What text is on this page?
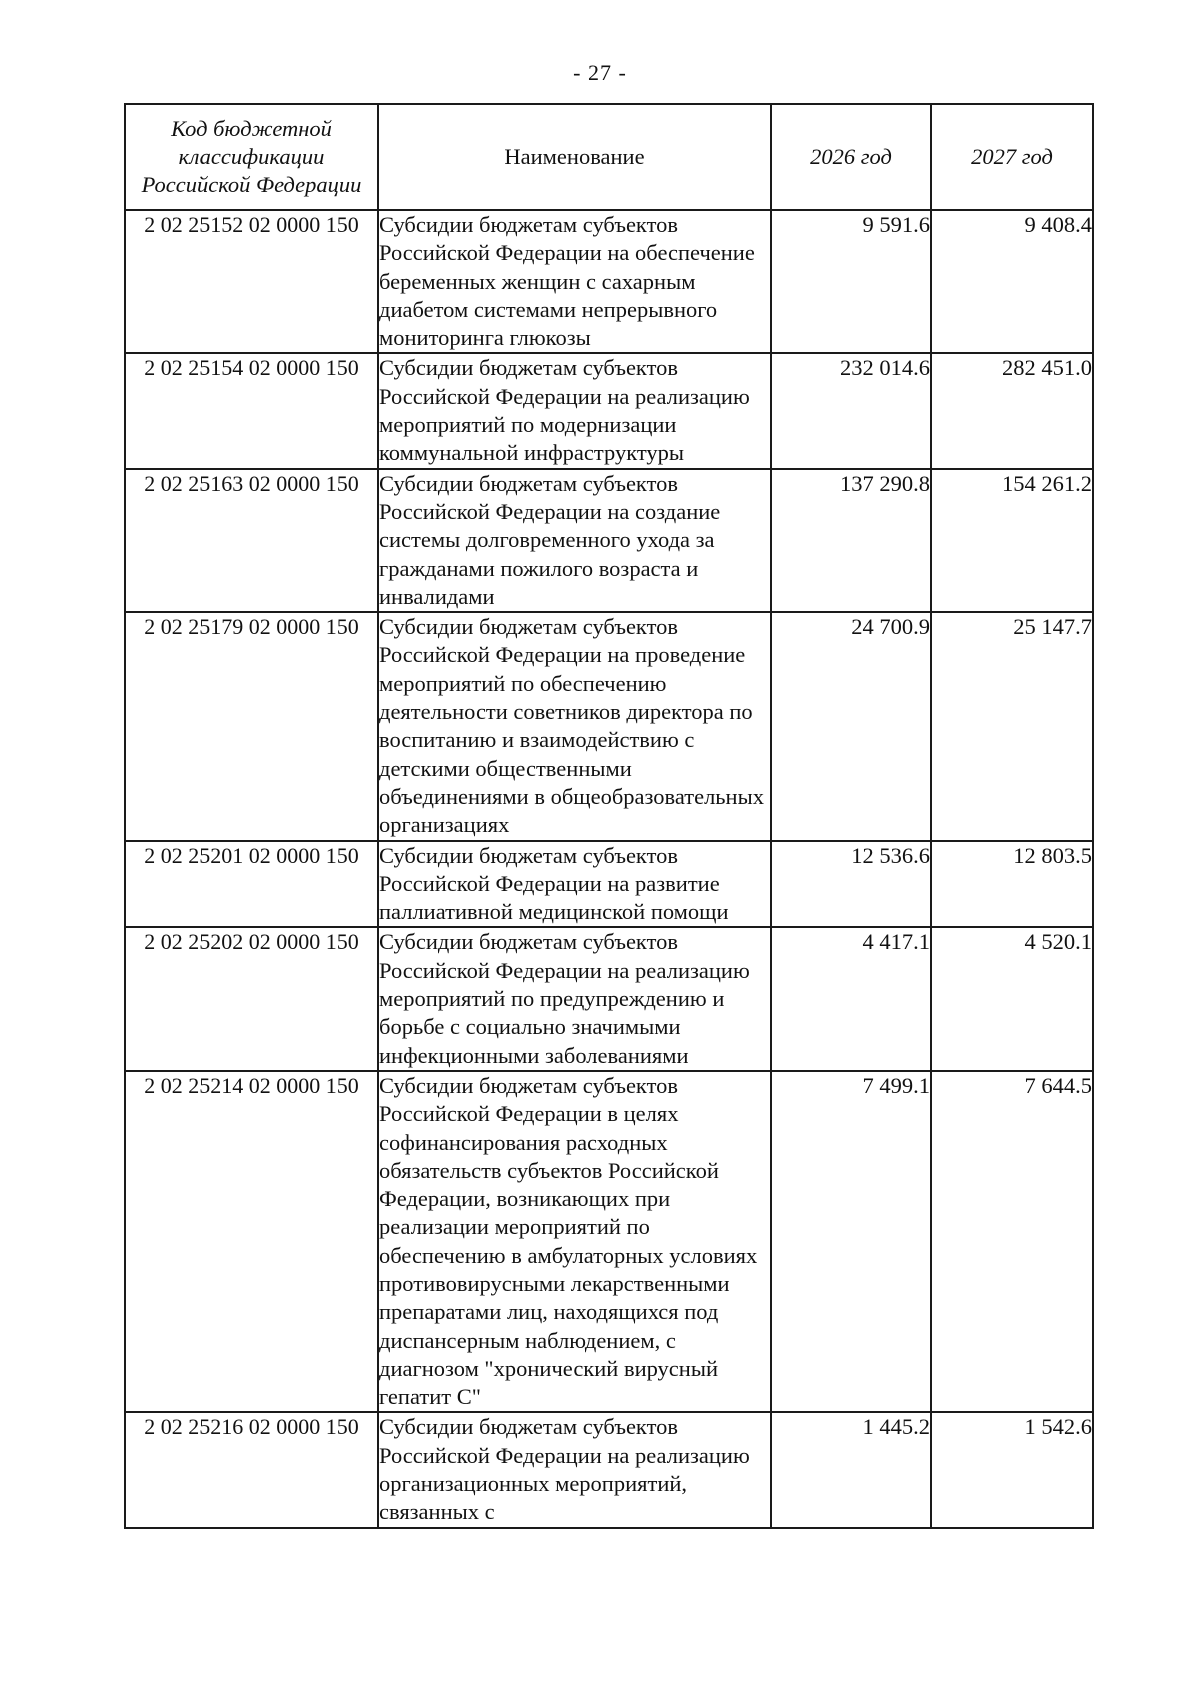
- 27 -
Код бюджетной
классификации
Российской Федерации	Наименование	2026 год	2027 год
2 02 25152 02 0000 150	Субсидии бюджетам субъектов Российской Федерации на обеспечение беременных женщин с сахарным диабетом системами непрерывного мониторинга глюкозы	9 591.6	9 408.4
2 02 25154 02 0000 150	Субсидии бюджетам субъектов Российской Федерации на реализацию мероприятий по модернизации коммунальной инфраструктуры	232 014.6	282 451.0
2 02 25163 02 0000 150	Субсидии бюджетам субъектов Российской Федерации на создание системы долговременного ухода за гражданами пожилого возраста и инвалидами	137 290.8	154 261.2
2 02 25179 02 0000 150	Субсидии бюджетам субъектов Российской Федерации на проведение мероприятий по обеспечению деятельности советников директора по воспитанию и взаимодействию с детскими общественными объединениями в общеобразовательных организациях	24 700.9	25 147.7
2 02 25201 02 0000 150	Субсидии бюджетам субъектов Российской Федерации на развитие паллиативной медицинской помощи	12 536.6	12 803.5
2 02 25202 02 0000 150	Субсидии бюджетам субъектов Российской Федерации на реализацию мероприятий по предупреждению и борьбе с социально значимыми инфекционными заболеваниями	4 417.1	4 520.1
2 02 25214 02 0000 150	Субсидии бюджетам субъектов Российской Федерации в целях софинансирования расходных обязательств субъектов Российской Федерации, возникающих при реализации мероприятий по обеспечению в амбулаторных условиях противовирусными лекарственными препаратами лиц, находящихся под диспансерным наблюдением, с диагнозом "хронический вирусный гепатит С"	7 499.1	7 644.5
2 02 25216 02 0000 150	Субсидии бюджетам субъектов Российской Федерации на реализацию организационных мероприятий, связанных с	1 445.2	1 542.6
